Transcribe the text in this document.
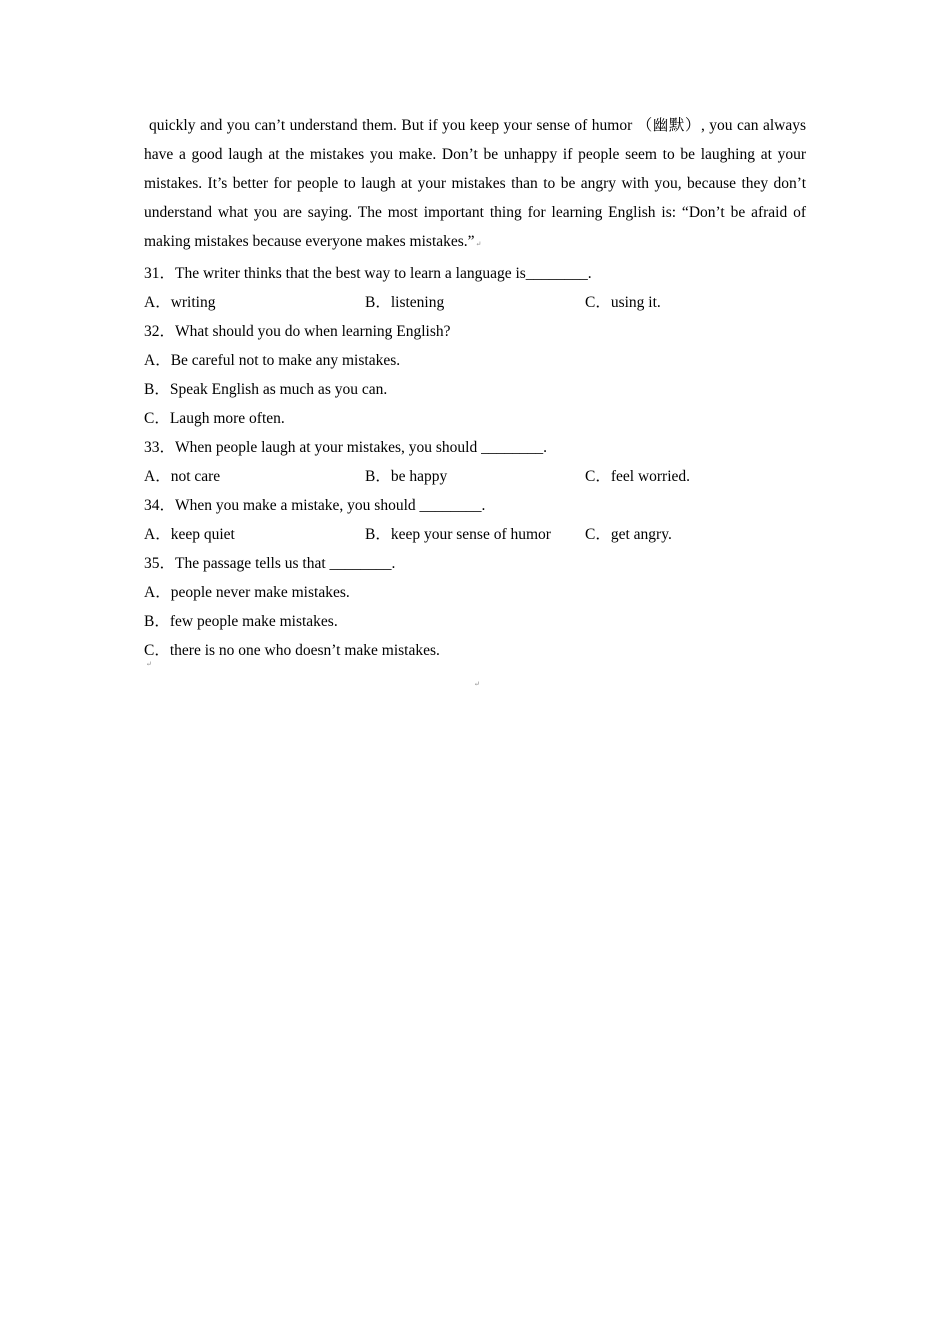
quickly and you can’t understand them. But if you keep your sense of humor （幽默）, you can always have a good laugh at the mistakes you make. Don’t be unhappy if people seem to be laughing at your mistakes. It’s better for people to laugh at your mistakes than to be angry with you, because they don’t understand what you are saying. The most important thing for learning English is: “Don’t be afraid of making mistakes because everyone makes mistakes.”↵

31．The writer thinks that the best way to learn a language is________.
A．writing	B．listening	C．using it.
32．What should you do when learning English?
A．Be careful not to make any mistakes.
B．Speak English as much as you can.
C．Laugh more often.
33．When people laugh at your mistakes, you should ________.
A．not care	B．be happy	C．feel worried.
34．When you make a mistake, you should ________.
A．keep quiet	B．keep your sense of humor C．get angry.
35．The passage tells us that ________.
A．people never make mistakes.
B．few people make mistakes.
C．there is no one who doesn’t make mistakes.
↵
↵
